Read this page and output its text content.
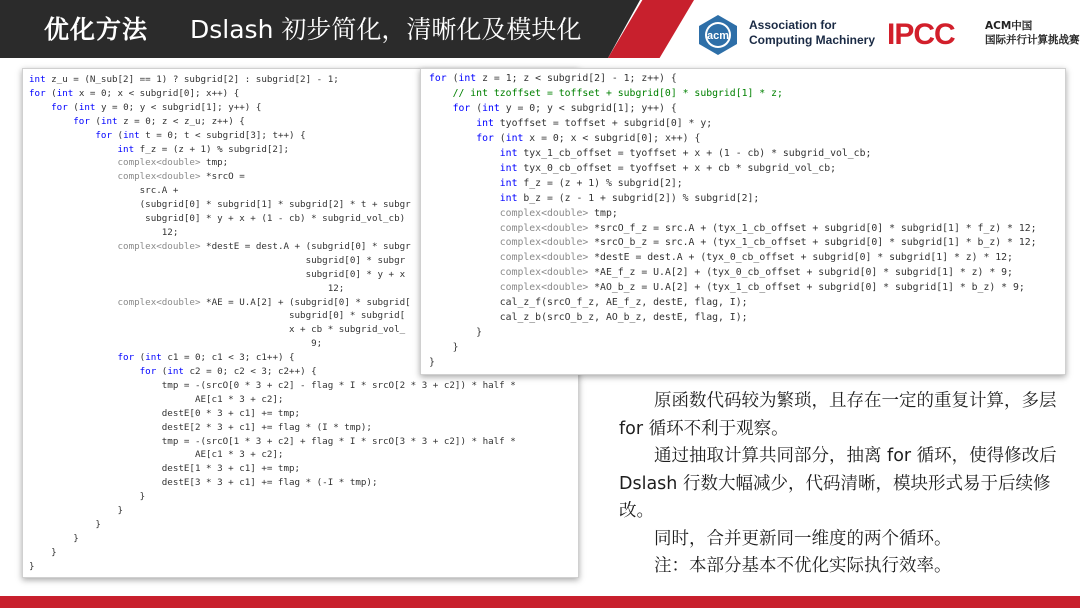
优化方法 Dslash 初步简化，清晰化及模块化	acm
Association for
Computing Machinery IPCC	ACM中国
国际并行计算挑战赛
int z_u = (N_sub[2] == 1) ? subgrid[2] : subgrid[2] - 1;
for (int x = 0; x < subgrid[0]; x++) {
for (int y = 0; y < subgrid[1]; y++) {
for (int z = 0; z < z_u; z++) {
for (int t = 0; t < subgrid[3]; t++) {
int f_z = (z + 1) % subgrid[2];
complex<double> tmp;
complex<double> *srcO =
src.A +
(subgrid[0] * subgrid[1] * subgrid[2] * t + subgr
subgrid[0] * y + x + (1 - cb) * subgrid_vol_cb)
12;
complex<double> *destE = dest.A + (subgrid[0] * subgr
subgrid[0] * subgr
subgrid[0] * y + x
12;
complex<double> *AE = U.A[2] + (subgrid[0] * subgrid[
subgrid[0] * subgrid[
x + cb * subgrid_vol_
9;
for (int c1 = 0; c1 < 3; c1++) {
for (int c2 = 0; c2 < 3; c2++) {
tmp = -(srcO[0 * 3 + c2] - flag * I * srcO[2 * 3 + c2]) * half *
AE[c1 * 3 + c2];
destE[0 * 3 + c1] += tmp;
destE[2 * 3 + c1] += flag * (I * tmp);
tmp = -(srcO[1 * 3 + c2] + flag * I * srcO[3 * 3 + c2]) * half *
AE[c1 * 3 + c2];
destE[1 * 3 + c1] += tmp;
destE[3 * 3 + c1] += flag * (-I * tmp);
}
}
}
}
}
}
for (int z = 1; z < subgrid[2] - 1; z++) {
// int tzoffset = toffset + subgrid[0] * subgrid[1] * z;
for (int y = 0; y < subgrid[1]; y++) {
int tyoffset = toffset + subgrid[0] * y;
for (int x = 0; x < subgrid[0]; x++) {
int tyx_1_cb_offset = tyoffset + x + (1 - cb) * subgrid_vol_cb;
int tyx_0_cb_offset = tyoffset + x + cb * subgrid_vol_cb;
int f_z = (z + 1) % subgrid[2];
int b_z = (z - 1 + subgrid[2]) % subgrid[2];
complex<double> tmp;
complex<double> *srcO_f_z = src.A + (tyx_1_cb_offset + subgrid[0] * subgrid[1] * f_z) * 12;
complex<double> *srcO_b_z = src.A + (tyx_1_cb_offset + subgrid[0] * subgrid[1] * b_z) * 12;
complex<double> *destE = dest.A + (tyx_0_cb_offset + subgrid[0] * subgrid[1] * z) * 12;
complex<double> *AE_f_z = U.A[2] + (tyx_0_cb_offset + subgrid[0] * subgrid[1] * z) * 9;
complex<double> *AO_b_z = U.A[2] + (tyx_1_cb_offset + subgrid[0] * subgrid[1] * b_z) * 9;
cal_z_f(srcO_f_z, AE_f_z, destE, flag, I);
cal_z_b(srcO_b_z, AO_b_z, destE, flag, I);
}
}
}

原函数代码较为繁琐，且存在一定的重复计算，多层 for 循环不利于观察。

通过抽取计算共同部分，抽离 for 循环，使得修改后 Dslash 行数大幅减少，代码清晰，模块形式易于后续修改。

同时，合并更新同一维度的两个循环。

注：本部分基本不优化实际执行效率。
